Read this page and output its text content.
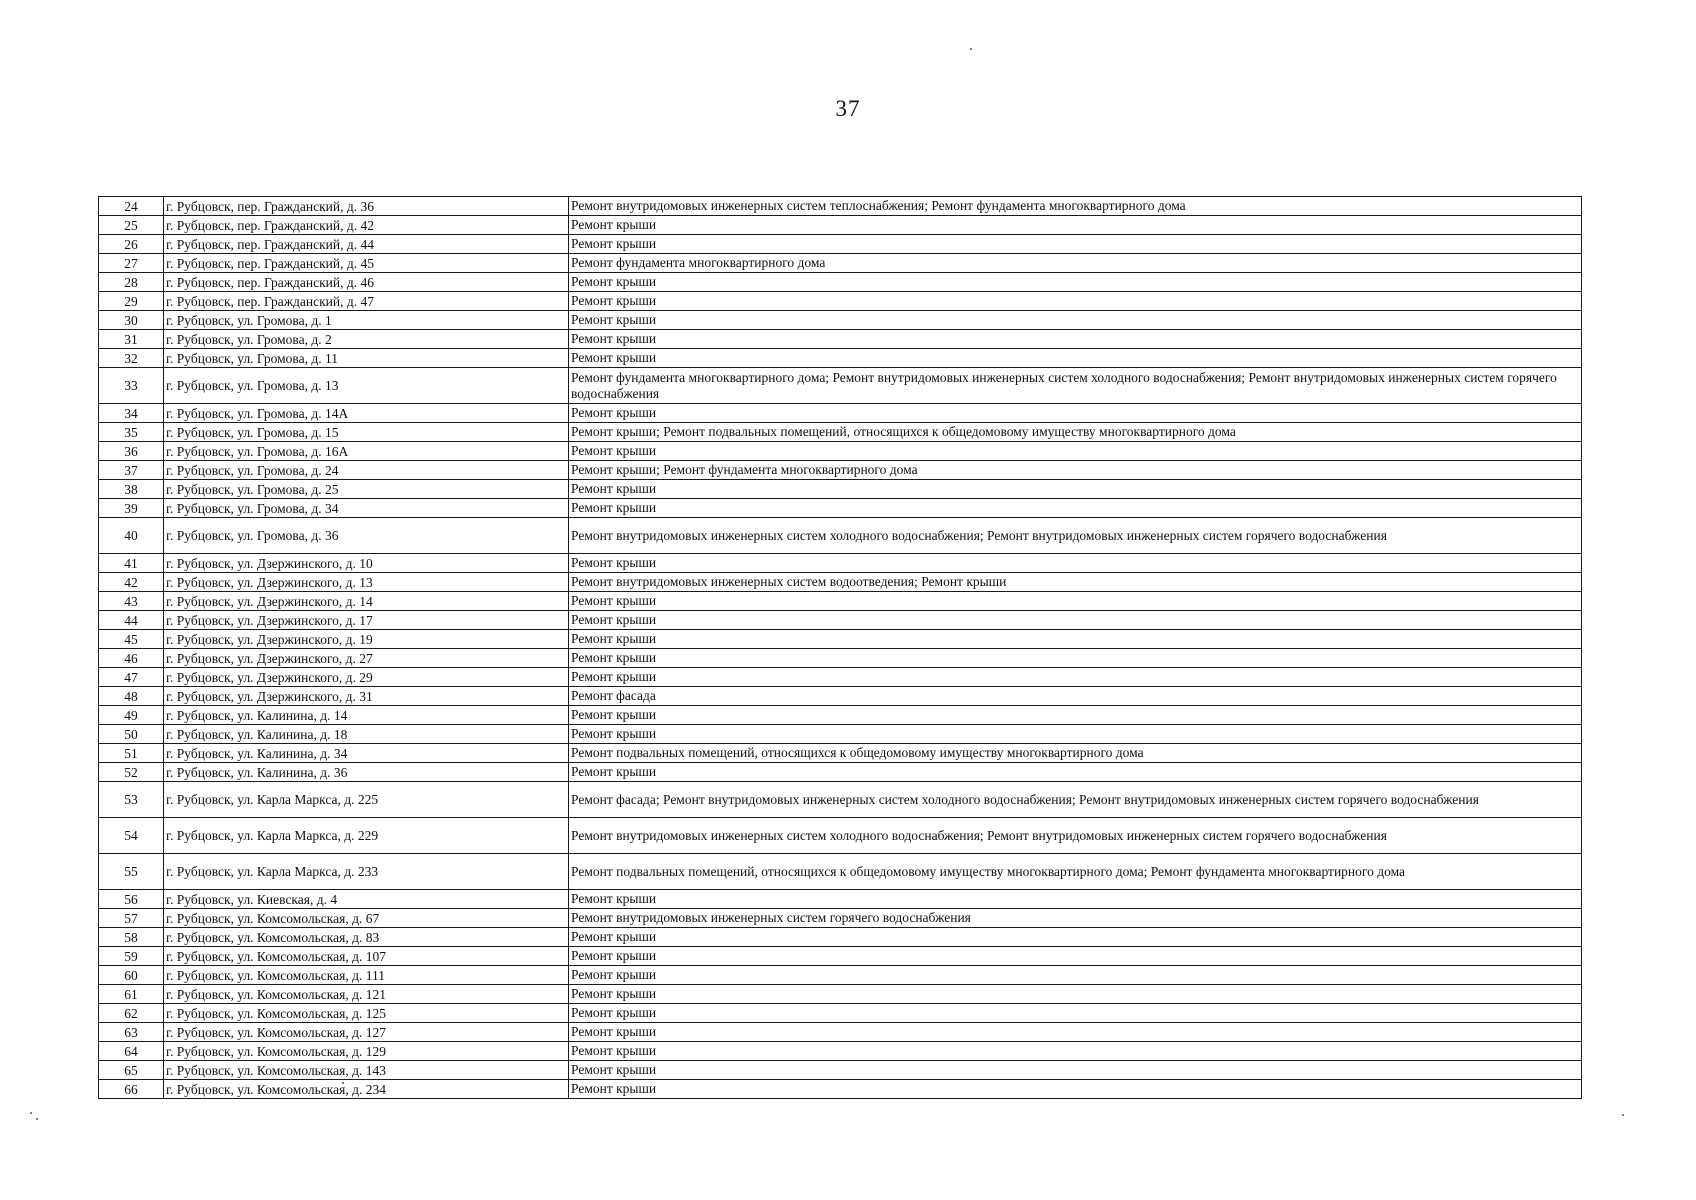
37
24	г. Рубцовск, пер. Гражданский, д. 36	Ремонт внутридомовых инженерных систем теплоснабжения; Ремонт фундамента многоквартирного дома
25	г. Рубцовск, пер. Гражданский, д. 42	Ремонт крыши
26	г. Рубцовск, пер. Гражданский, д. 44	Ремонт крыши
27	г. Рубцовск, пер. Гражданский, д. 45	Ремонт фундамента многоквартирного дома
28	г. Рубцовск, пер. Гражданский, д. 46	Ремонт крыши
29	г. Рубцовск, пер. Гражданский, д. 47	Ремонт крыши
30	г. Рубцовск, ул. Громова, д. 1	Ремонт крыши
31	г. Рубцовск, ул. Громова, д. 2	Ремонт крыши
32	г. Рубцовск, ул. Громова, д. 11	Ремонт крыши
33	г. Рубцовск, ул. Громова, д. 13	Ремонт фундамента многоквартирного дома; Ремонт внутридомовых инженерных систем холодного водоснабжения; Ремонт внутридомовых инженерных систем горячего водоснабжения
34	г. Рубцовск, ул. Громова, д. 14А	Ремонт крыши
35	г. Рубцовск, ул. Громова, д. 15	Ремонт крыши; Ремонт подвальных помещений, относящихся к общедомовому имуществу многоквартирного дома
36	г. Рубцовск, ул. Громова, д. 16А	Ремонт крыши
37	г. Рубцовск, ул. Громова, д. 24	Ремонт крыши; Ремонт фундамента многоквартирного дома
38	г. Рубцовск, ул. Громова, д. 25	Ремонт крыши
39	г. Рубцовск, ул. Громова, д. 34	Ремонт крыши
40	г. Рубцовск, ул. Громова, д. 36	Ремонт внутридомовых инженерных систем холодного водоснабжения; Ремонт внутридомовых инженерных систем горячего водоснабжения
41	г. Рубцовск, ул. Дзержинского, д. 10	Ремонт крыши
42	г. Рубцовск, ул. Дзержинского, д. 13	Ремонт внутридомовых инженерных систем водоотведения; Ремонт крыши
43	г. Рубцовск, ул. Дзержинского, д. 14	Ремонт крыши
44	г. Рубцовск, ул. Дзержинского, д. 17	Ремонт крыши
45	г. Рубцовск, ул. Дзержинского, д. 19	Ремонт крыши
46	г. Рубцовск, ул. Дзержинского, д. 27	Ремонт крыши
47	г. Рубцовск, ул. Дзержинского, д. 29	Ремонт крыши
48	г. Рубцовск, ул. Дзержинского, д. 31	Ремонт фасада
49	г. Рубцовск, ул. Калинина, д. 14	Ремонт крыши
50	г. Рубцовск, ул. Калинина, д. 18	Ремонт крыши
51	г. Рубцовск, ул. Калинина, д. 34	Ремонт подвальных помещений, относящихся к общедомовому имуществу многоквартирного дома
52	г. Рубцовск, ул. Калинина, д. 36	Ремонт крыши
53	г. Рубцовск, ул. Карла Маркса, д. 225	Ремонт фасада; Ремонт внутридомовых инженерных систем холодного водоснабжения; Ремонт внутридомовых инженерных систем горячего водоснабжения
54	г. Рубцовск, ул. Карла Маркса, д. 229	Ремонт внутридомовых инженерных систем холодного водоснабжения; Ремонт внутридомовых инженерных систем горячего водоснабжения
55	г. Рубцовск, ул. Карла Маркса, д. 233	Ремонт подвальных помещений, относящихся к общедомовому имуществу многоквартирного дома; Ремонт фундамента многоквартирного дома
56	г. Рубцовск, ул. Киевская, д. 4	Ремонт крыши
57	г. Рубцовск, ул. Комсомольская, д. 67	Ремонт внутридомовых инженерных систем горячего водоснабжения
58	г. Рубцовск, ул. Комсомольская, д. 83	Ремонт крыши
59	г. Рубцовск, ул. Комсомольская, д. 107	Ремонт крыши
60	г. Рубцовск, ул. Комсомольская, д. 111	Ремонт крыши
61	г. Рубцовск, ул. Комсомольская, д. 121	Ремонт крыши
62	г. Рубцовск, ул. Комсомольская, д. 125	Ремонт крыши
63	г. Рубцовск, ул. Комсомольская, д. 127	Ремонт крыши
64	г. Рубцовск, ул. Комсомольская, д. 129	Ремонт крыши
65	г. Рубцовск, ул. Комсомольская, д. 143	Ремонт крыши
66	г. Рубцовск, ул. Комсомольская, д. 234	Ремонт крыши
